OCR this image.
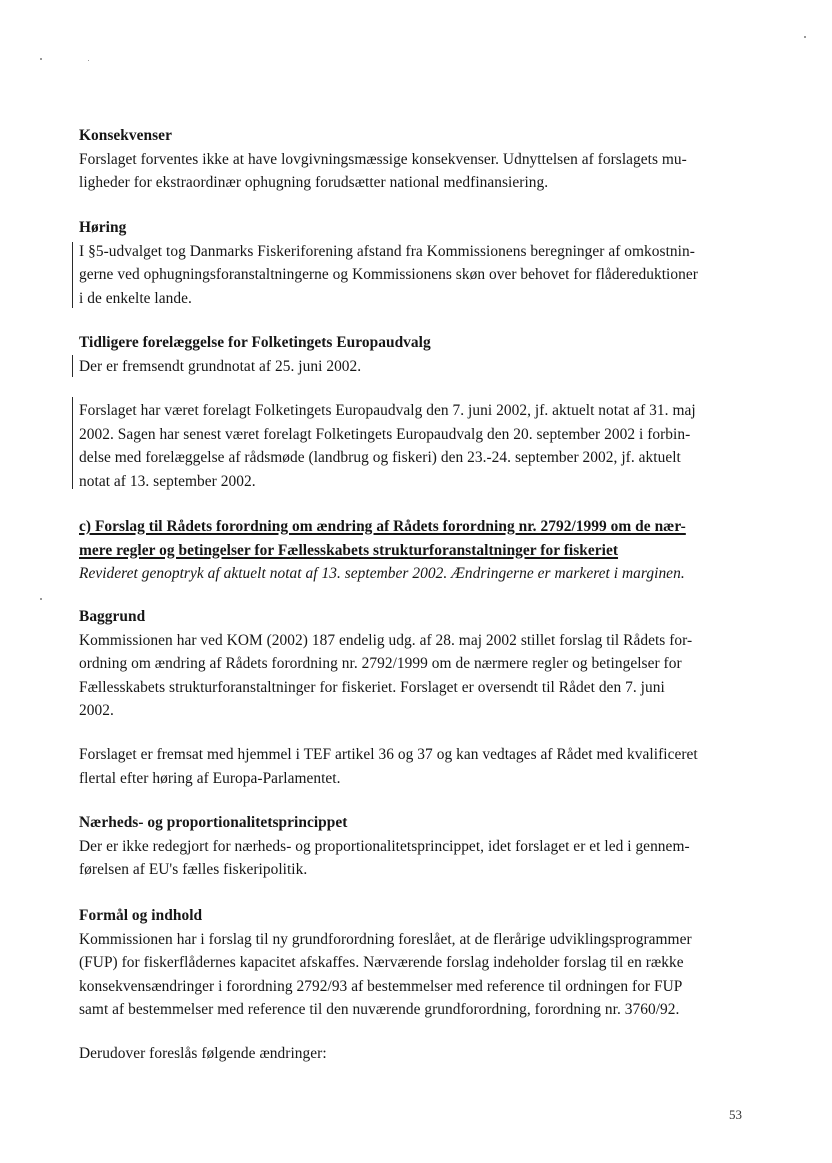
Konsekvenser
Forslaget forventes ikke at have lovgivningsmæssige konsekvenser. Udnyttelsen af forslagets mu-
ligheder for ekstraordinær ophugning forudsætter national medfinansiering.
Høring
I §5-udvalget tog Danmarks Fiskeriforening afstand fra Kommissionens beregninger af omkostnin-
gerne ved ophugningsforanstaltningerne og Kommissionens skøn over behovet for flådereduktioner
i de enkelte lande.
Tidligere forelæggelse for Folketingets Europaudvalg
Der er fremsendt grundnotat af 25. juni 2002.
Forslaget har været forelagt Folketingets Europaudvalg den 7. juni 2002, jf. aktuelt notat af 31. maj
2002. Sagen har senest været forelagt Folketingets Europaudvalg den 20. september 2002 i forbin-
delse med forelæggelse af rådsmøde (landbrug og fiskeri) den 23.-24. september 2002, jf. aktuelt
notat af 13. september 2002.
c) Forslag til Rådets forordning om ændring af Rådets forordning nr. 2792/1999 om de nær-
mere regler og betingelser for Fællesskabets strukturforanstaltninger for fiskeriet
Revideret genoptryk af aktuelt notat af 13. september 2002. Ændringerne er markeret i marginen.
Baggrund
Kommissionen har ved KOM (2002) 187 endelig udg. af 28. maj 2002 stillet forslag til Rådets for-
ordning om ændring af Rådets forordning nr. 2792/1999 om de nærmere regler og betingelser for
Fællesskabets strukturforanstaltninger for fiskeriet. Forslaget er oversendt til Rådet den 7. juni
2002.
Forslaget er fremsat med hjemmel i TEF artikel 36 og 37 og kan vedtages af Rådet med kvalificeret
flertal efter høring af Europa-Parlamentet.
Nærheds- og proportionalitetsprincippet
Der er ikke redegjort for nærheds- og proportionalitetsprincippet, idet forslaget er et led i gennem-
førelsen af EU's fælles fiskeripolitik.
Formål og indhold
Kommissionen har i forslag til ny grundforordning foreslået, at de flerårige udviklingsprogrammer
(FUP) for fiskerflådernes kapacitet afskaffes. Nærværende forslag indeholder forslag til en række
konsekvensændringer i forordning 2792/93 af bestemmelser med reference til ordningen for FUP
samt af bestemmelser med reference til den nuværende grundforordning, forordning nr. 3760/92.
Derudover foreslås følgende ændringer:
53
